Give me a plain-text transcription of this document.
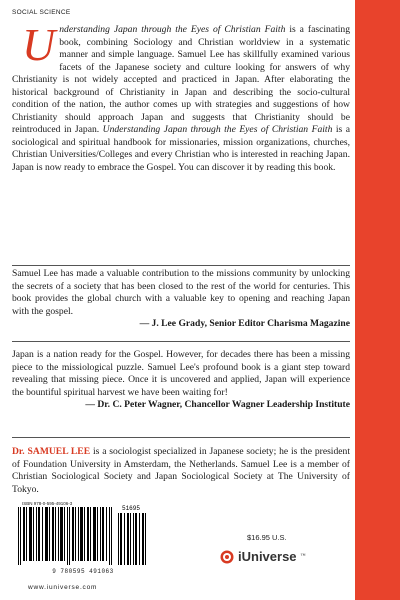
SOCIAL SCIENCE
Understanding Japan through the Eyes of Christian Faith is a fascinating book, combining Sociology and Christian worldview in a systematic manner and simple language. Samuel Lee has skillfully examined various facets of the Japanese society and culture looking for answers of why Christianity is not widely accepted and practiced in Japan. After elaborating the historical background of Christianity in Japan and describing the socio-cultural condition of the nation, the author comes up with strategies and suggestions of how Christianity should approach Japan and suggests that Christianity should be reintroduced in Japan. Understanding Japan through the Eyes of Christian Faith is a sociological and spiritual handbook for missionaries, mission organizations, churches, Christian Universities/Colleges and every Christian who is interested in reaching Japan. Japan is now ready to embrace the Gospel. You can discover it by reading this book.
Samuel Lee has made a valuable contribution to the missions community by unlocking the secrets of a society that has been closed to the rest of the world for centuries. This book provides the global church with a valuable key to opening and reaching Japan with the gospel.
— J. Lee Grady, Senior Editor Charisma Magazine
Japan is a nation ready for the Gospel. However, for decades there has been a missing piece to the missiological puzzle. Samuel Lee's profound book is a giant step toward revealing that missing piece. Once it is uncovered and applied, Japan will experience the bountiful spiritual harvest we have been waiting for!
— Dr. C. Peter Wagner, Chancellor Wagner Leadership Institute
Dr. SAMUEL LEE is a sociologist specialized in Japanese society; he is the president of Foundation University in Amsterdam, the Netherlands. Samuel Lee is a member of Christian Sociological Society and Japan Sociological Society at The University of Tokyo.
51695
ISBN 978-0-595-49106-3
9 780595 491063
www.iuniverse.com
$16.95 U.S.
iUniverse ™
